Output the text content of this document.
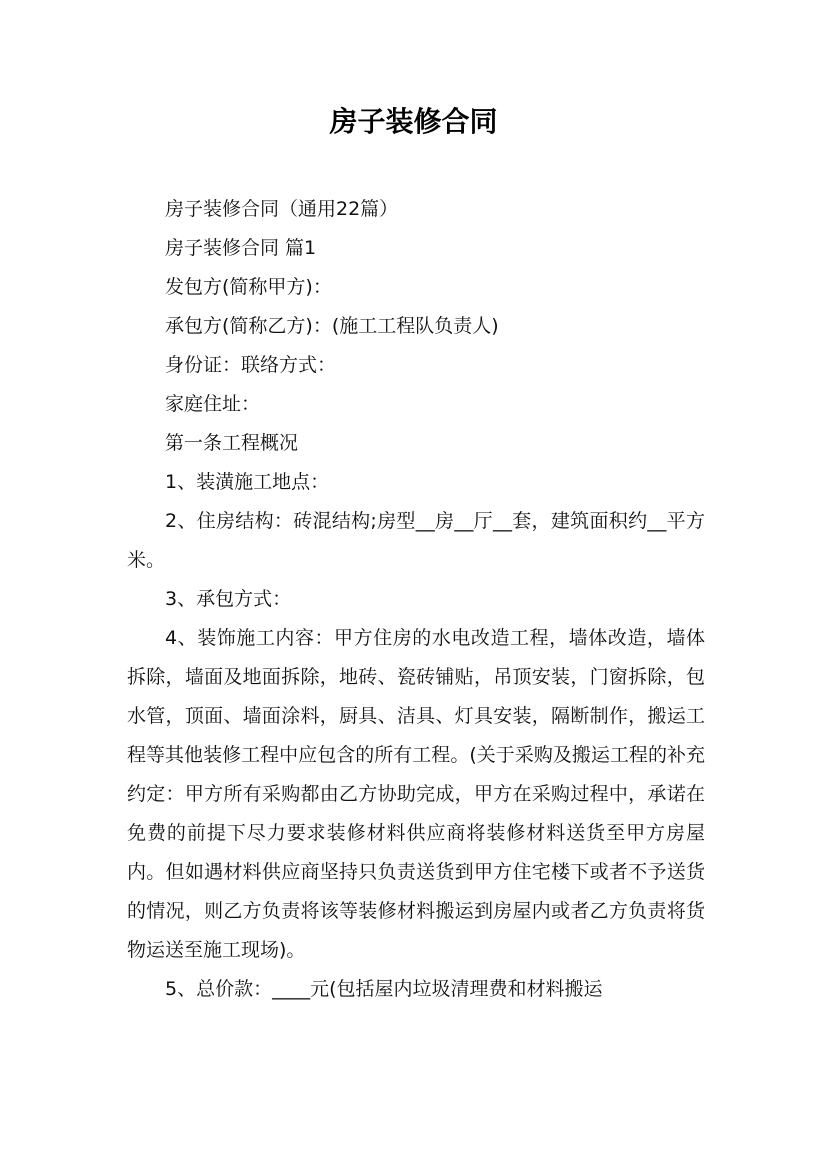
房子装修合同

房子装修合同（通用22篇）

房子装修合同 篇1

发包方(简称甲方)：

承包方(简称乙方)：(施工工程队负责人)

身份证：联络方式：

家庭住址：

第一条工程概况

1、装潢施工地点：

2、住房结构：砖混结构;房型__房__厅__套，建筑面积约__平方米。

3、承包方式：

4、装饰施工内容：甲方住房的水电改造工程，墙体改造，墙体拆除，墙面及地面拆除，地砖、瓷砖铺贴，吊顶安装，门窗拆除，包水管，顶面、墙面涂料，厨具、洁具、灯具安装，隔断制作，搬运工程等其他装修工程中应包含的所有工程。(关于采购及搬运工程的补充约定：甲方所有采购都由乙方协助完成，甲方在采购过程中，承诺在免费的前提下尽力要求装修材料供应商将装修材料送货至甲方房屋内。但如遇材料供应商坚持只负责送货到甲方住宅楼下或者不予送货的情况，则乙方负责将该等装修材料搬运到房屋内或者乙方负责将货物运送至施工现场)。

5、总价款：____元(包括屋内垃圾清理费和材料搬运
